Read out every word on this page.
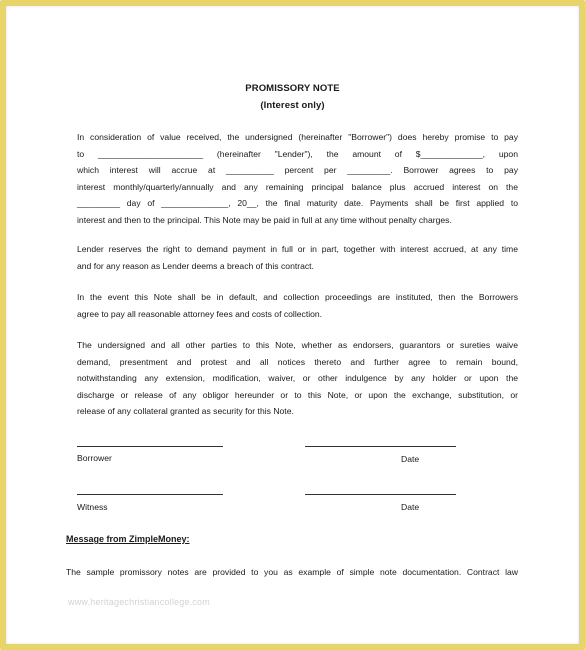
PROMISSORY NOTE
(Interest only)
In consideration of value received, the undersigned (hereinafter "Borrower") does hereby promise to pay
to ______________________ (hereinafter "Lender"), the amount of $_____________, upon
which interest will accrue at __________ percent per _________. Borrower agrees to pay
interest monthly/quarterly/annually and any remaining principal balance plus accrued interest on the
_________ day of ______________, 20__, the final maturity date. Payments shall be first applied to
interest and then to the principal. This Note may be paid in full at any time without penalty charges.
Lender reserves the right to demand payment in full or in part, together with interest accrued, at any time
and for any reason as Lender deems a breach of this contract.
In the event this Note shall be in default, and collection proceedings are instituted, then the Borrowers
agree to pay all reasonable attorney fees and costs of collection.
The undersigned and all other parties to this Note, whether as endorsers, guarantors or sureties waive
demand, presentment and protest and all notices thereto and further agree to remain bound,
notwithstanding any extension, modification, waiver, or other indulgence by any holder or upon the
discharge or release of any obligor hereunder or to this Note, or upon the exchange, substitution, or
release of any collateral granted as security for this Note.
Borrower	Date
Witness	Date
Message from ZimpleMoney:
The sample promissory notes are provided to you as example of simple note documentation. Contract law
www.heritagechristiancollege.com
